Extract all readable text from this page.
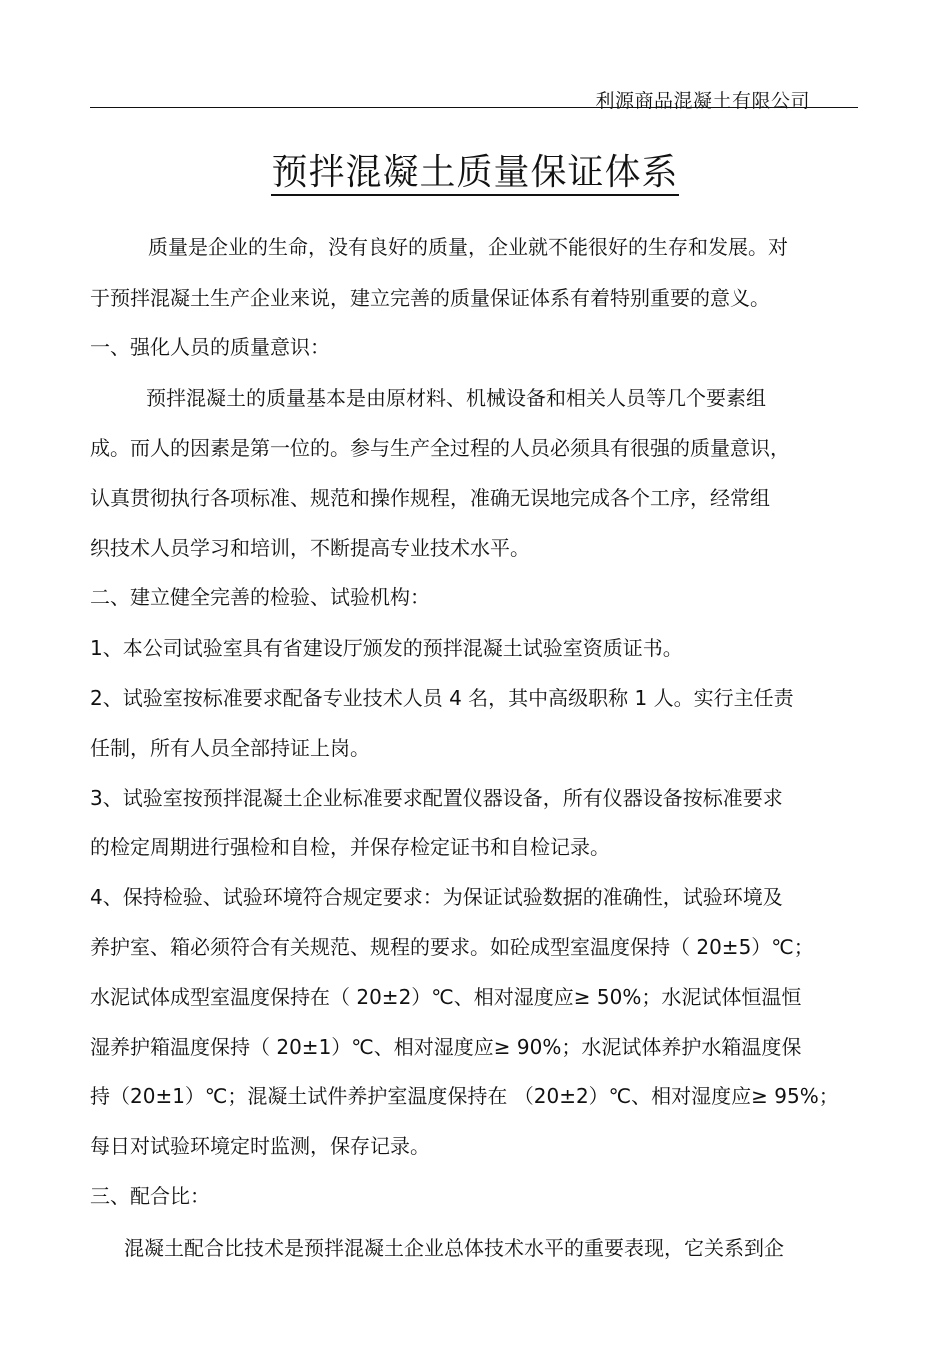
利源商品混凝土有限公司
预拌混凝土质量保证体系
质量是企业的生命，没有良好的质量，企业就不能很好的生存和发展。对
于预拌混凝土生产企业来说，建立完善的质量保证体系有着特别重要的意义。
一、强化人员的质量意识：
预拌混凝土的质量基本是由原材料、机械设备和相关人员等几个要素组
成。而人的因素是第一位的。参与生产全过程的人员必须具有很强的质量意识，
认真贯彻执行各项标准、规范和操作规程，准确无误地完成各个工序，经常组
织技术人员学习和培训，不断提高专业技术水平。
二、建立健全完善的检验、试验机构：
1、本公司试验室具有省建设厅颁发的预拌混凝土试验室资质证书。
2、试验室按标准要求配备专业技术人员 4 名，其中高级职称 1 人。实行主任责
任制，所有人员全部持证上岗。
3、试验室按预拌混凝土企业标准要求配置仪器设备，所有仪器设备按标准要求
的检定周期进行强检和自检，并保存检定证书和自检记录。
4、保持检验、试验环境符合规定要求：为保证试验数据的准确性，试验环境及
养护室、箱必须符合有关规范、规程的要求。如砼成型室温度保持（ 20±5）℃；
水泥试体成型室温度保持在（ 20±2）℃、相对湿度应≥ 50%；水泥试体恒温恒
湿养护箱温度保持（ 20±1）℃、相对湿度应≥ 90%；水泥试体养护水箱温度保
持（20±1）℃；混凝土试件养护室温度保持在 （20±2）℃、相对湿度应≥ 95%；
每日对试验环境定时监测，保存记录。
三、配合比：
混凝土配合比技术是预拌混凝土企业总体技术水平的重要表现，它关系到企
